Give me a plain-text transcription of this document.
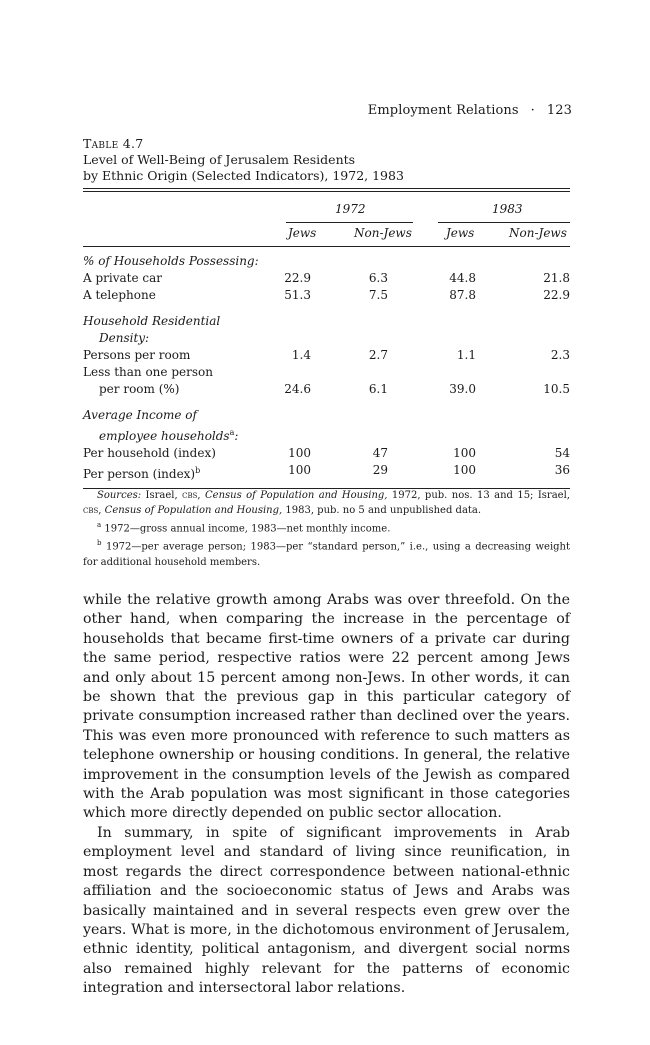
Employment Relations · 123
Table 4.7
Level of Well-Being of Jerusalem Residents
by Ethnic Origin (Selected Indicators), 1972, 1983
1972	1983
Jews	Non-Jews	Jews	Non-Jews

% of Households Possessing:				
A private car	22.9	6.3	44.8	21.8
A telephone	51.3	7.5	87.8	22.9

Household Residential				
Density:				
Persons per room	1.4	2.7	1.1	2.3
Less than one person				
per room (%)	24.6	6.1	39.0	10.5

Average Income of				
employee households$^a$:				
Per household (index)	100	47	100	54
Per person (index)$^b$	100	29	100	36

Sources: Israel, cbs, Census of Population and Housing, 1972, pub. nos. 13 and 15; Israel, cbs, Census of Population and Housing, 1983, pub. no 5 and unpublished data.

$^a$ 1972—gross annual income, 1983—net monthly income.

$^b$ 1972—per average person; 1983—per “standard person,” i.e., using a decreasing weight for additional household members.

while the relative growth among Arabs was over threefold. On the other hand, when comparing the increase in the percentage of households that became first-time owners of a private car during the same period, respective ratios were 22 percent among Jews and only about 15 percent among non-Jews. In other words, it can be shown that the previous gap in this particular category of private consumption increased rather than declined over the years. This was even more pronounced with reference to such matters as telephone ownership or housing conditions. In general, the relative improvement in the consumption levels of the Jewish as compared with the Arab population was most significant in those categories which more directly depended on public sector allocation.

In summary, in spite of significant improvements in Arab employment level and standard of living since reunification, in most regards the direct correspondence between national-ethnic affiliation and the socioeconomic status of Jews and Arabs was basically maintained and in several respects even grew over the years. What is more, in the dichotomous environment of Jerusalem, ethnic identity, political antagonism, and divergent social norms also remained highly relevant for the patterns of economic integration and intersectoral labor relations.
